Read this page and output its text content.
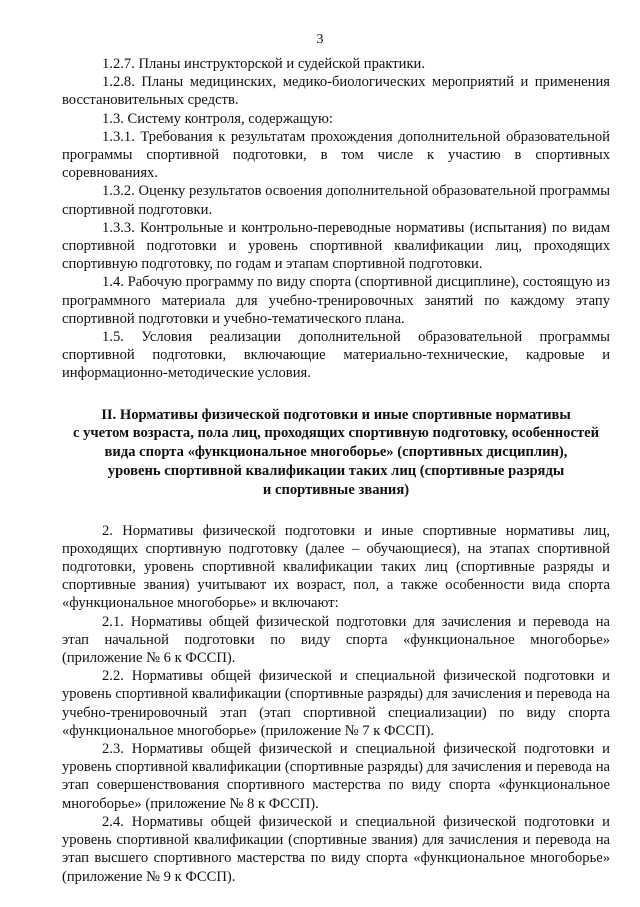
3

1.2.7. Планы инструкторской и судейской практики.

1.2.8. Планы медицинских, медико-биологических мероприятий и применения восстановительных средств.

1.3. Систему контроля, содержащую:

1.3.1. Требования к результатам прохождения дополнительной образовательной программы спортивной подготовки, в том числе к участию в спортивных соревнованиях.

1.3.2. Оценку результатов освоения дополнительной образовательной программы спортивной подготовки.

1.3.3. Контрольные и контрольно-переводные нормативы (испытания) по видам спортивной подготовки и уровень спортивной квалификации лиц, проходящих спортивную подготовку, по годам и этапам спортивной подготовки.

1.4. Рабочую программу по виду спорта (спортивной дисциплине), состоящую из программного материала для учебно-тренировочных занятий по каждому этапу спортивной подготовки и учебно-тематического плана.

1.5. Условия реализации дополнительной образовательной программы спортивной подготовки, включающие материально-технические, кадровые и информационно-методические условия.

II. Нормативы физической подготовки и иные спортивные нормативы
с учетом возраста, пола лиц, проходящих спортивную подготовку, особенностей
вида спорта «функциональное многоборье» (спортивных дисциплин),
уровень спортивной квалификации таких лиц (спортивные разряды
и спортивные звания)

2. Нормативы физической подготовки и иные спортивные нормативы лиц, проходящих спортивную подготовку (далее – обучающиеся), на этапах спортивной подготовки, уровень спортивной квалификации таких лиц (спортивные разряды и спортивные звания) учитывают их возраст, пол, а также особенности вида спорта «функциональное многоборье» и включают:

2.1. Нормативы общей физической подготовки для зачисления и перевода на этап начальной подготовки по виду спорта «функциональное многоборье» (приложение № 6 к ФССП).

2.2. Нормативы общей физической и специальной физической подготовки и уровень спортивной квалификации (спортивные разряды) для зачисления и перевода на учебно-тренировочный этап (этап спортивной специализации) по виду спорта «функциональное многоборье» (приложение № 7 к ФССП).

2.3. Нормативы общей физической и специальной физической подготовки и уровень спортивной квалификации (спортивные разряды) для зачисления и перевода на этап совершенствования спортивного мастерства по виду спорта «функциональное многоборье» (приложение № 8 к ФССП).

2.4. Нормативы общей физической и специальной физической подготовки и уровень спортивной квалификации (спортивные звания) для зачисления и перевода на этап высшего спортивного мастерства по виду спорта «функциональное многоборье» (приложение № 9 к ФССП).
